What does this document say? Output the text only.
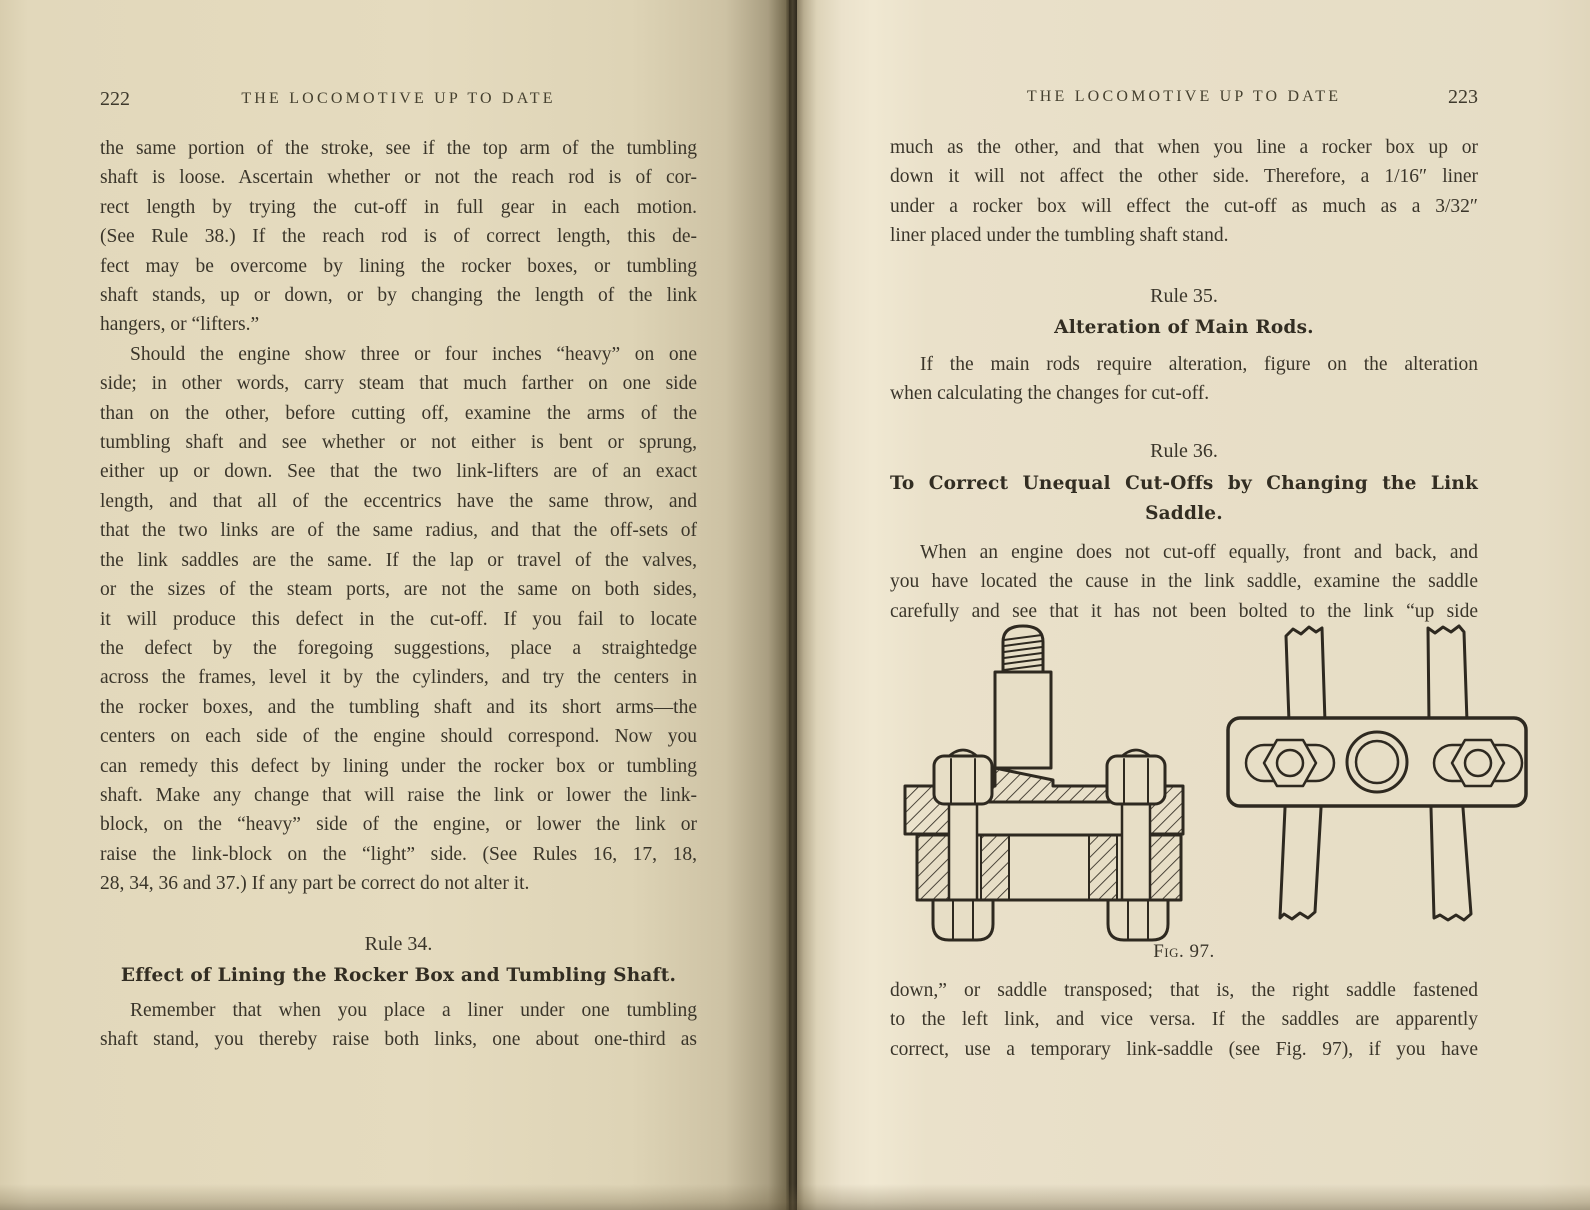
222	THE LOCOMOTIVE UP TO DATE
the same portion of the stroke, see if the top arm of the tumbling
shaft is loose. Ascertain whether or not the reach rod is of cor-
rect length by trying the cut-off in full gear in each motion.
(See Rule 38.) If the reach rod is of correct length, this de-
fect may be overcome by lining the rocker boxes, or tumbling
shaft stands, up or down, or by changing the length of the link
hangers, or “lifters.”
Should the engine show three or four inches “heavy” on one
side; in other words, carry steam that much farther on one side
than on the other, before cutting off, examine the arms of the
tumbling shaft and see whether or not either is bent or sprung,
either up or down. See that the two link-lifters are of an exact
length, and that all of the eccentrics have the same throw, and
that the two links are of the same radius, and that the off-sets of
the link saddles are the same. If the lap or travel of the valves,
or the sizes of the steam ports, are not the same on both sides,
it will produce this defect in the cut-off. If you fail to locate
the defect by the foregoing suggestions, place a straightedge
across the frames, level it by the cylinders, and try the centers in
the rocker boxes, and the tumbling shaft and its short arms—the
centers on each side of the engine should correspond. Now you
can remedy this defect by lining under the rocker box or tumbling
shaft. Make any change that will raise the link or lower the link-
block, on the “heavy” side of the engine, or lower the link or
raise the link-block on the “light” side. (See Rules 16, 17, 18,
28, 34, 36 and 37.) If any part be correct do not alter it.
Rule 34.
Effect of Lining the Rocker Box and Tumbling Shaft.
Remember that when you place a liner under one tumbling
shaft stand, you thereby raise both links, one about one-third as
THE LOCOMOTIVE UP TO DATE	223
much as the other, and that when you line a rocker box up or
down it will not affect the other side. Therefore, a 1/16″ liner
under a rocker box will effect the cut-off as much as a 3/32″
liner placed under the tumbling shaft stand.
Rule 35.
Alteration of Main Rods.
If the main rods require alteration, figure on the alteration
when calculating the changes for cut-off.
Rule 36.
To Correct Unequal Cut-Offs by Changing the Link Saddle.
When an engine does not cut-off equally, front and back, and
you have located the cause in the link saddle, examine the saddle
carefully and see that it has not been bolted to the link “up side
Fig. 97.
down,” or saddle transposed; that is, the right saddle fastened
to the left link, and vice versa. If the saddles are apparently
correct, use a temporary link-saddle (see Fig. 97), if you have
